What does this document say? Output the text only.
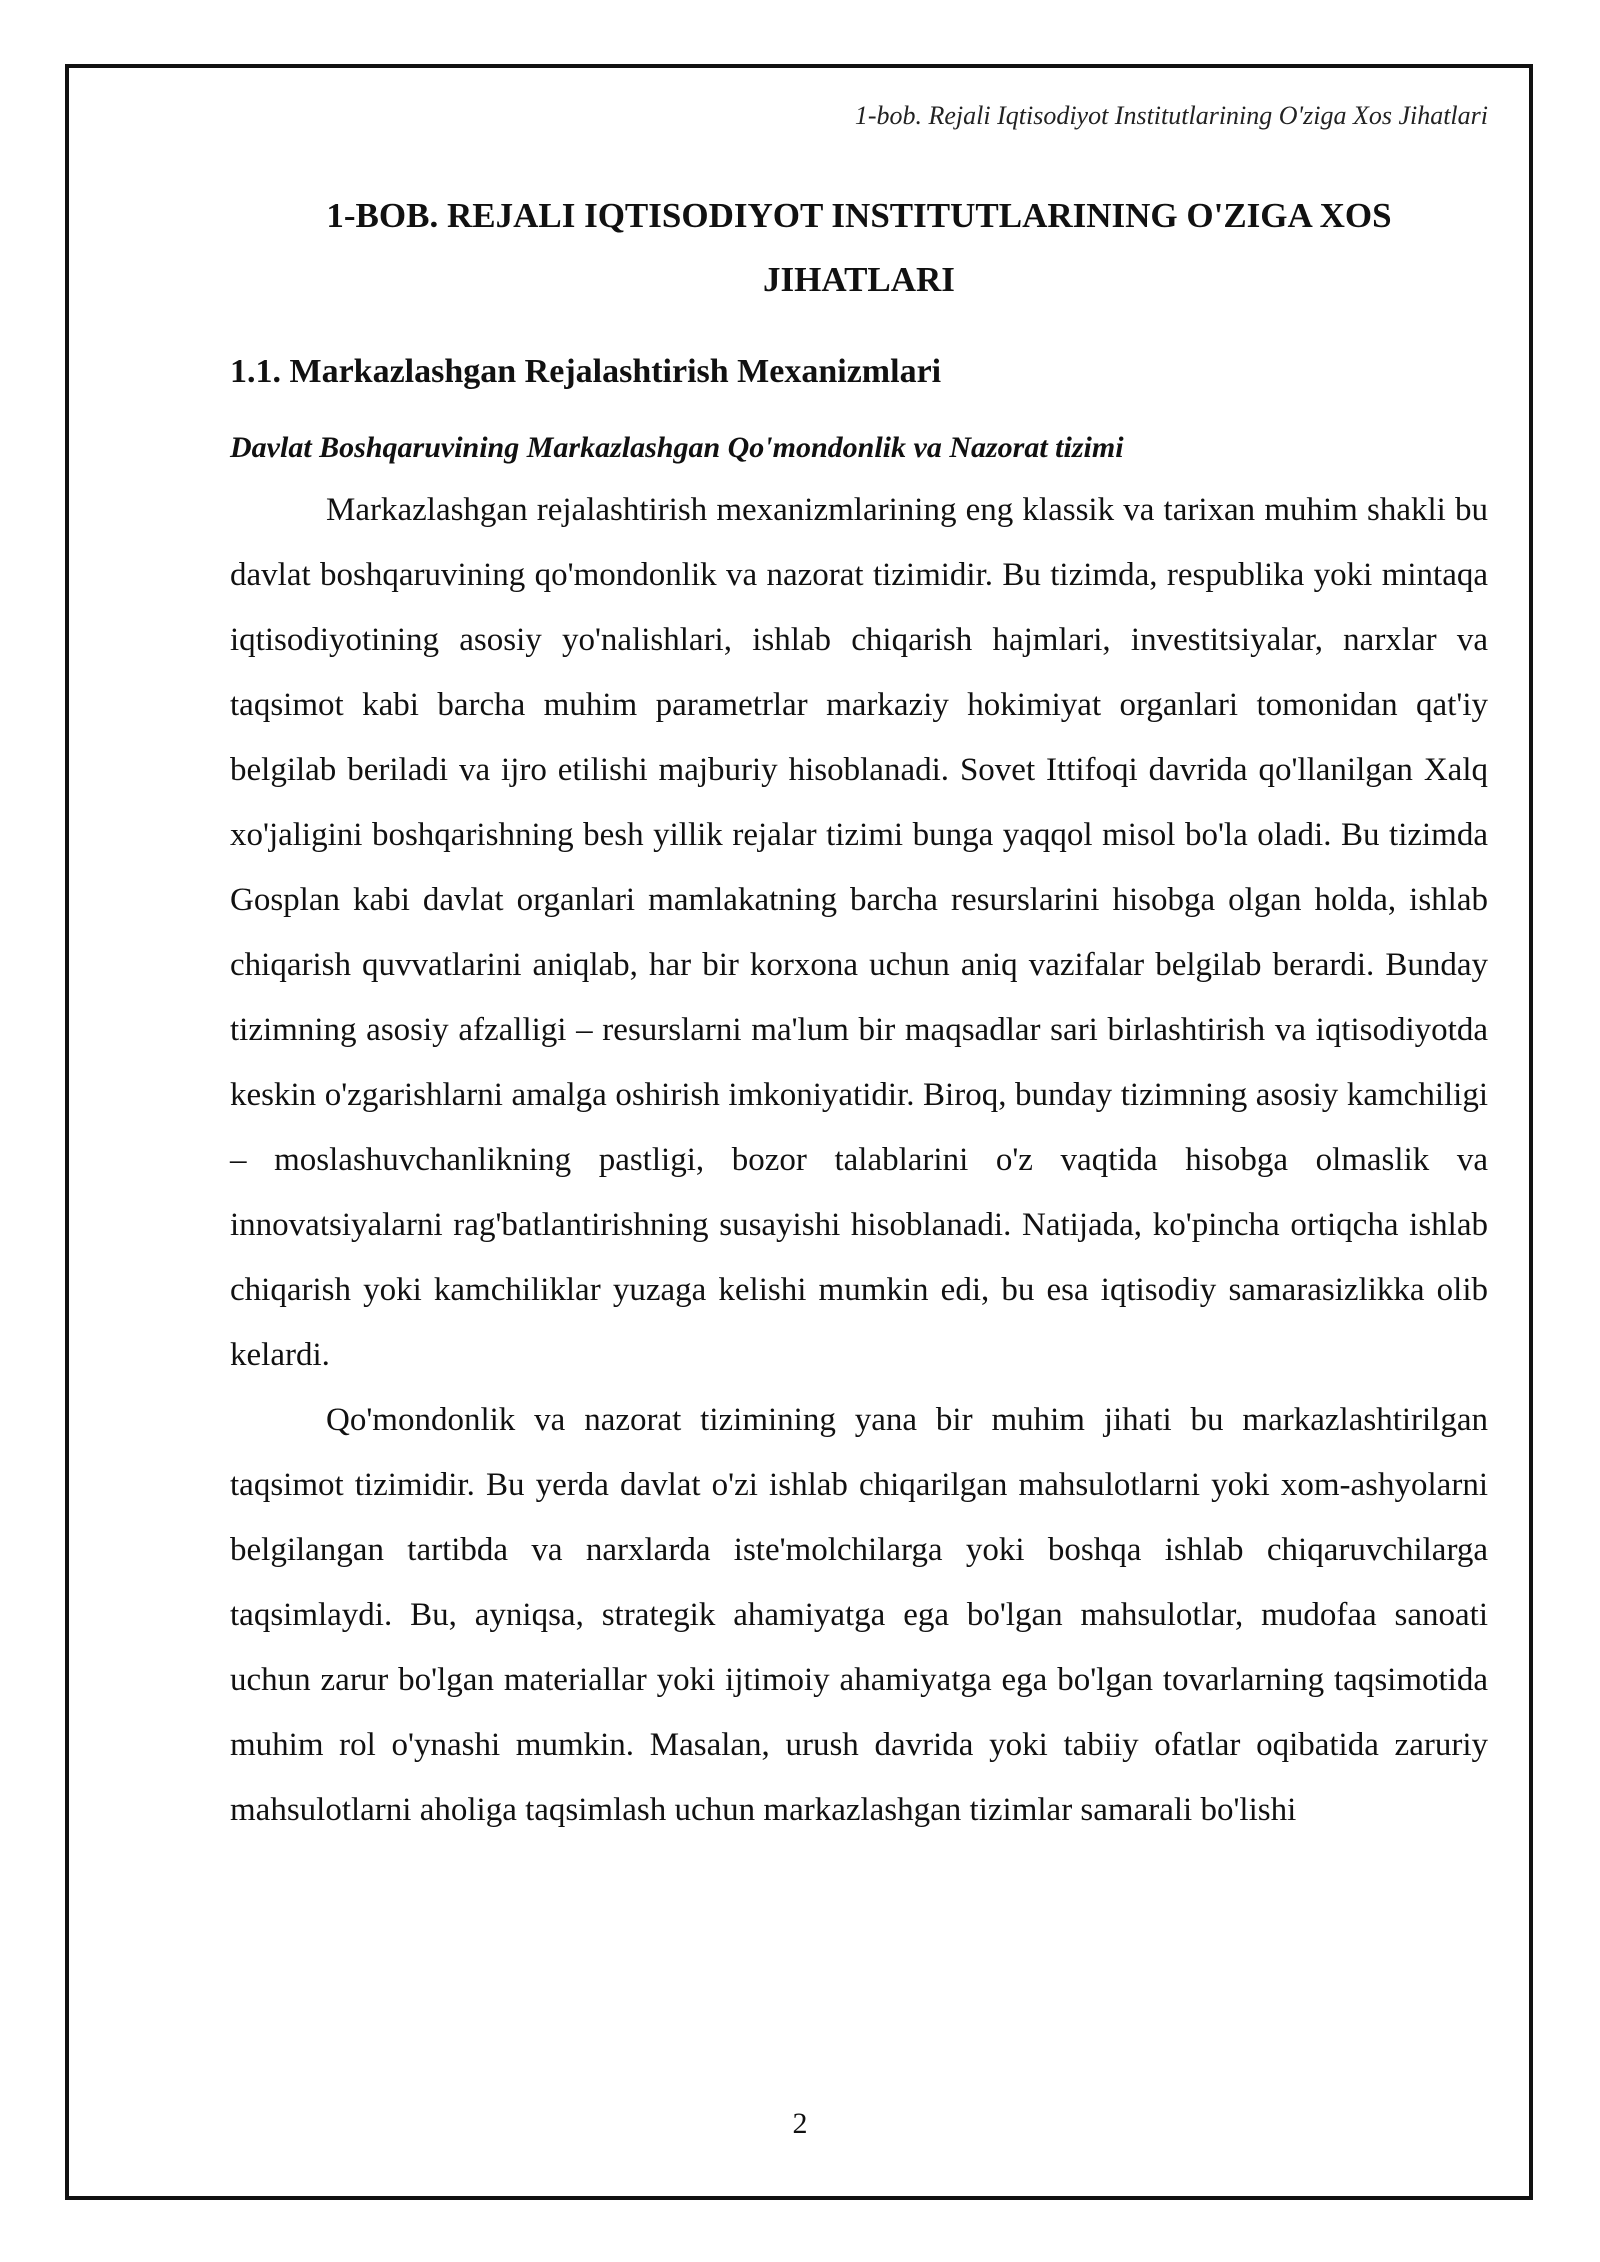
1-bob. Rejali Iqtisodiyot Institutlarining O'ziga Xos Jihatlari
1-BOB. REJALI IQTISODIYOT INSTITUTLARINING O'ZIGA XOS
JIHATLARI
1.1. Markazlashgan Rejalashtirish Mexanizmlari
Davlat Boshqaruvining Markazlashgan Qo'mondonlik va Nazorat tizimi

Markazlashgan rejalashtirish mexanizmlarining eng klassik va tarixan muhim shakli bu davlat boshqaruvining qo'mondonlik va nazorat tizimidir. Bu tizimda, respublika yoki mintaqa iqtisodiyotining asosiy yo'nalishlari, ishlab chiqarish hajmlari, investitsiyalar, narxlar va taqsimot kabi barcha muhim parametrlar markaziy hokimiyat organlari tomonidan qat'iy belgilab beriladi va ijro etilishi majburiy hisoblanadi. Sovet Ittifoqi davrida qo'llanilgan Xalq xo'jaligini boshqarishning besh yillik rejalar tizimi bunga yaqqol misol bo'la oladi. Bu tizimda Gosplan kabi davlat organlari mamlakatning barcha resurslarini hisobga olgan holda, ishlab chiqarish quvvatlarini aniqlab, har bir korxona uchun aniq vazifalar belgilab berardi. Bunday tizimning asosiy afzalligi – resurslarni ma'lum bir maqsadlar sari birlashtirish va iqtisodiyotda keskin o'zgarishlarni amalga oshirish imkoniyatidir. Biroq, bunday tizimning asosiy kamchiligi – moslashuvchanlikning pastligi, bozor talablarini o'z vaqtida hisobga olmaslik va innovatsiyalarni rag'batlantirishning susayishi hisoblanadi. Natijada, ko'pincha ortiqcha ishlab chiqarish yoki kamchiliklar yuzaga kelishi mumkin edi, bu esa iqtisodiy samarasizlikka olib kelardi.

Qo'mondonlik va nazorat tizimining yana bir muhim jihati bu markazlashtirilgan taqsimot tizimidir. Bu yerda davlat o'zi ishlab chiqarilgan mahsulotlarni yoki xom-ashyolarni belgilangan tartibda va narxlarda iste'molchilarga yoki boshqa ishlab chiqaruvchilarga taqsimlaydi. Bu, ayniqsa, strategik ahamiyatga ega bo'lgan mahsulotlar, mudofaa sanoati uchun zarur bo'lgan materiallar yoki ijtimoiy ahamiyatga ega bo'lgan tovarlarning taqsimotida muhim rol o'ynashi mumkin. Masalan, urush davrida yoki tabiiy ofatlar oqibatida zaruriy mahsulotlarni aholiga taqsimlash uchun markazlashgan tizimlar samarali bo'lishi

2
